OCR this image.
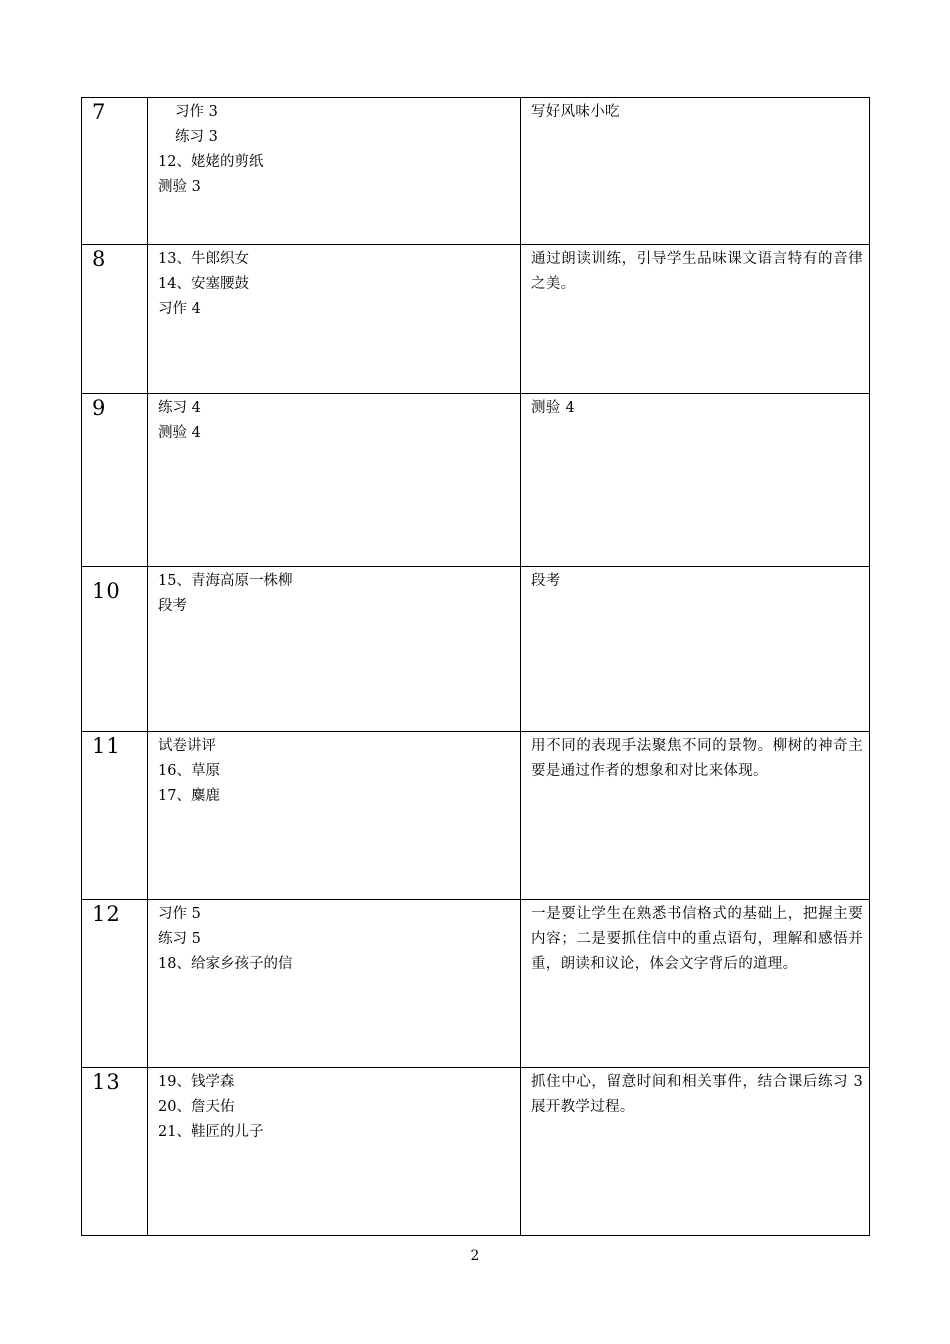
7	习作 3
练习 3
12、姥姥的剪纸
测验 3	写好风味小吃

8	13、牛郎织女
14、安塞腰鼓
习作 4	通过朗读训练，引导学生品味课文语言特有的音律之美。

9	练习 4
测验 4	测验 4

10	15、青海高原一株柳
段考	段考

11	试卷讲评
16、草原
17、麋鹿	用不同的表现手法聚焦不同的景物。柳树的神奇主要是通过作者的想象和对比来体现。

12	习作 5
练习 5
18、给家乡孩子的信	一是要让学生在熟悉书信格式的基础上，把握主要内容；二是要抓住信中的重点语句，理解和感悟并重，朗读和议论，体会文字背后的道理。

13	19、钱学森
20、詹天佑
21、鞋匠的儿子	抓住中心，留意时间和相关事件，结合课后练习 3 展开教学过程。
2
